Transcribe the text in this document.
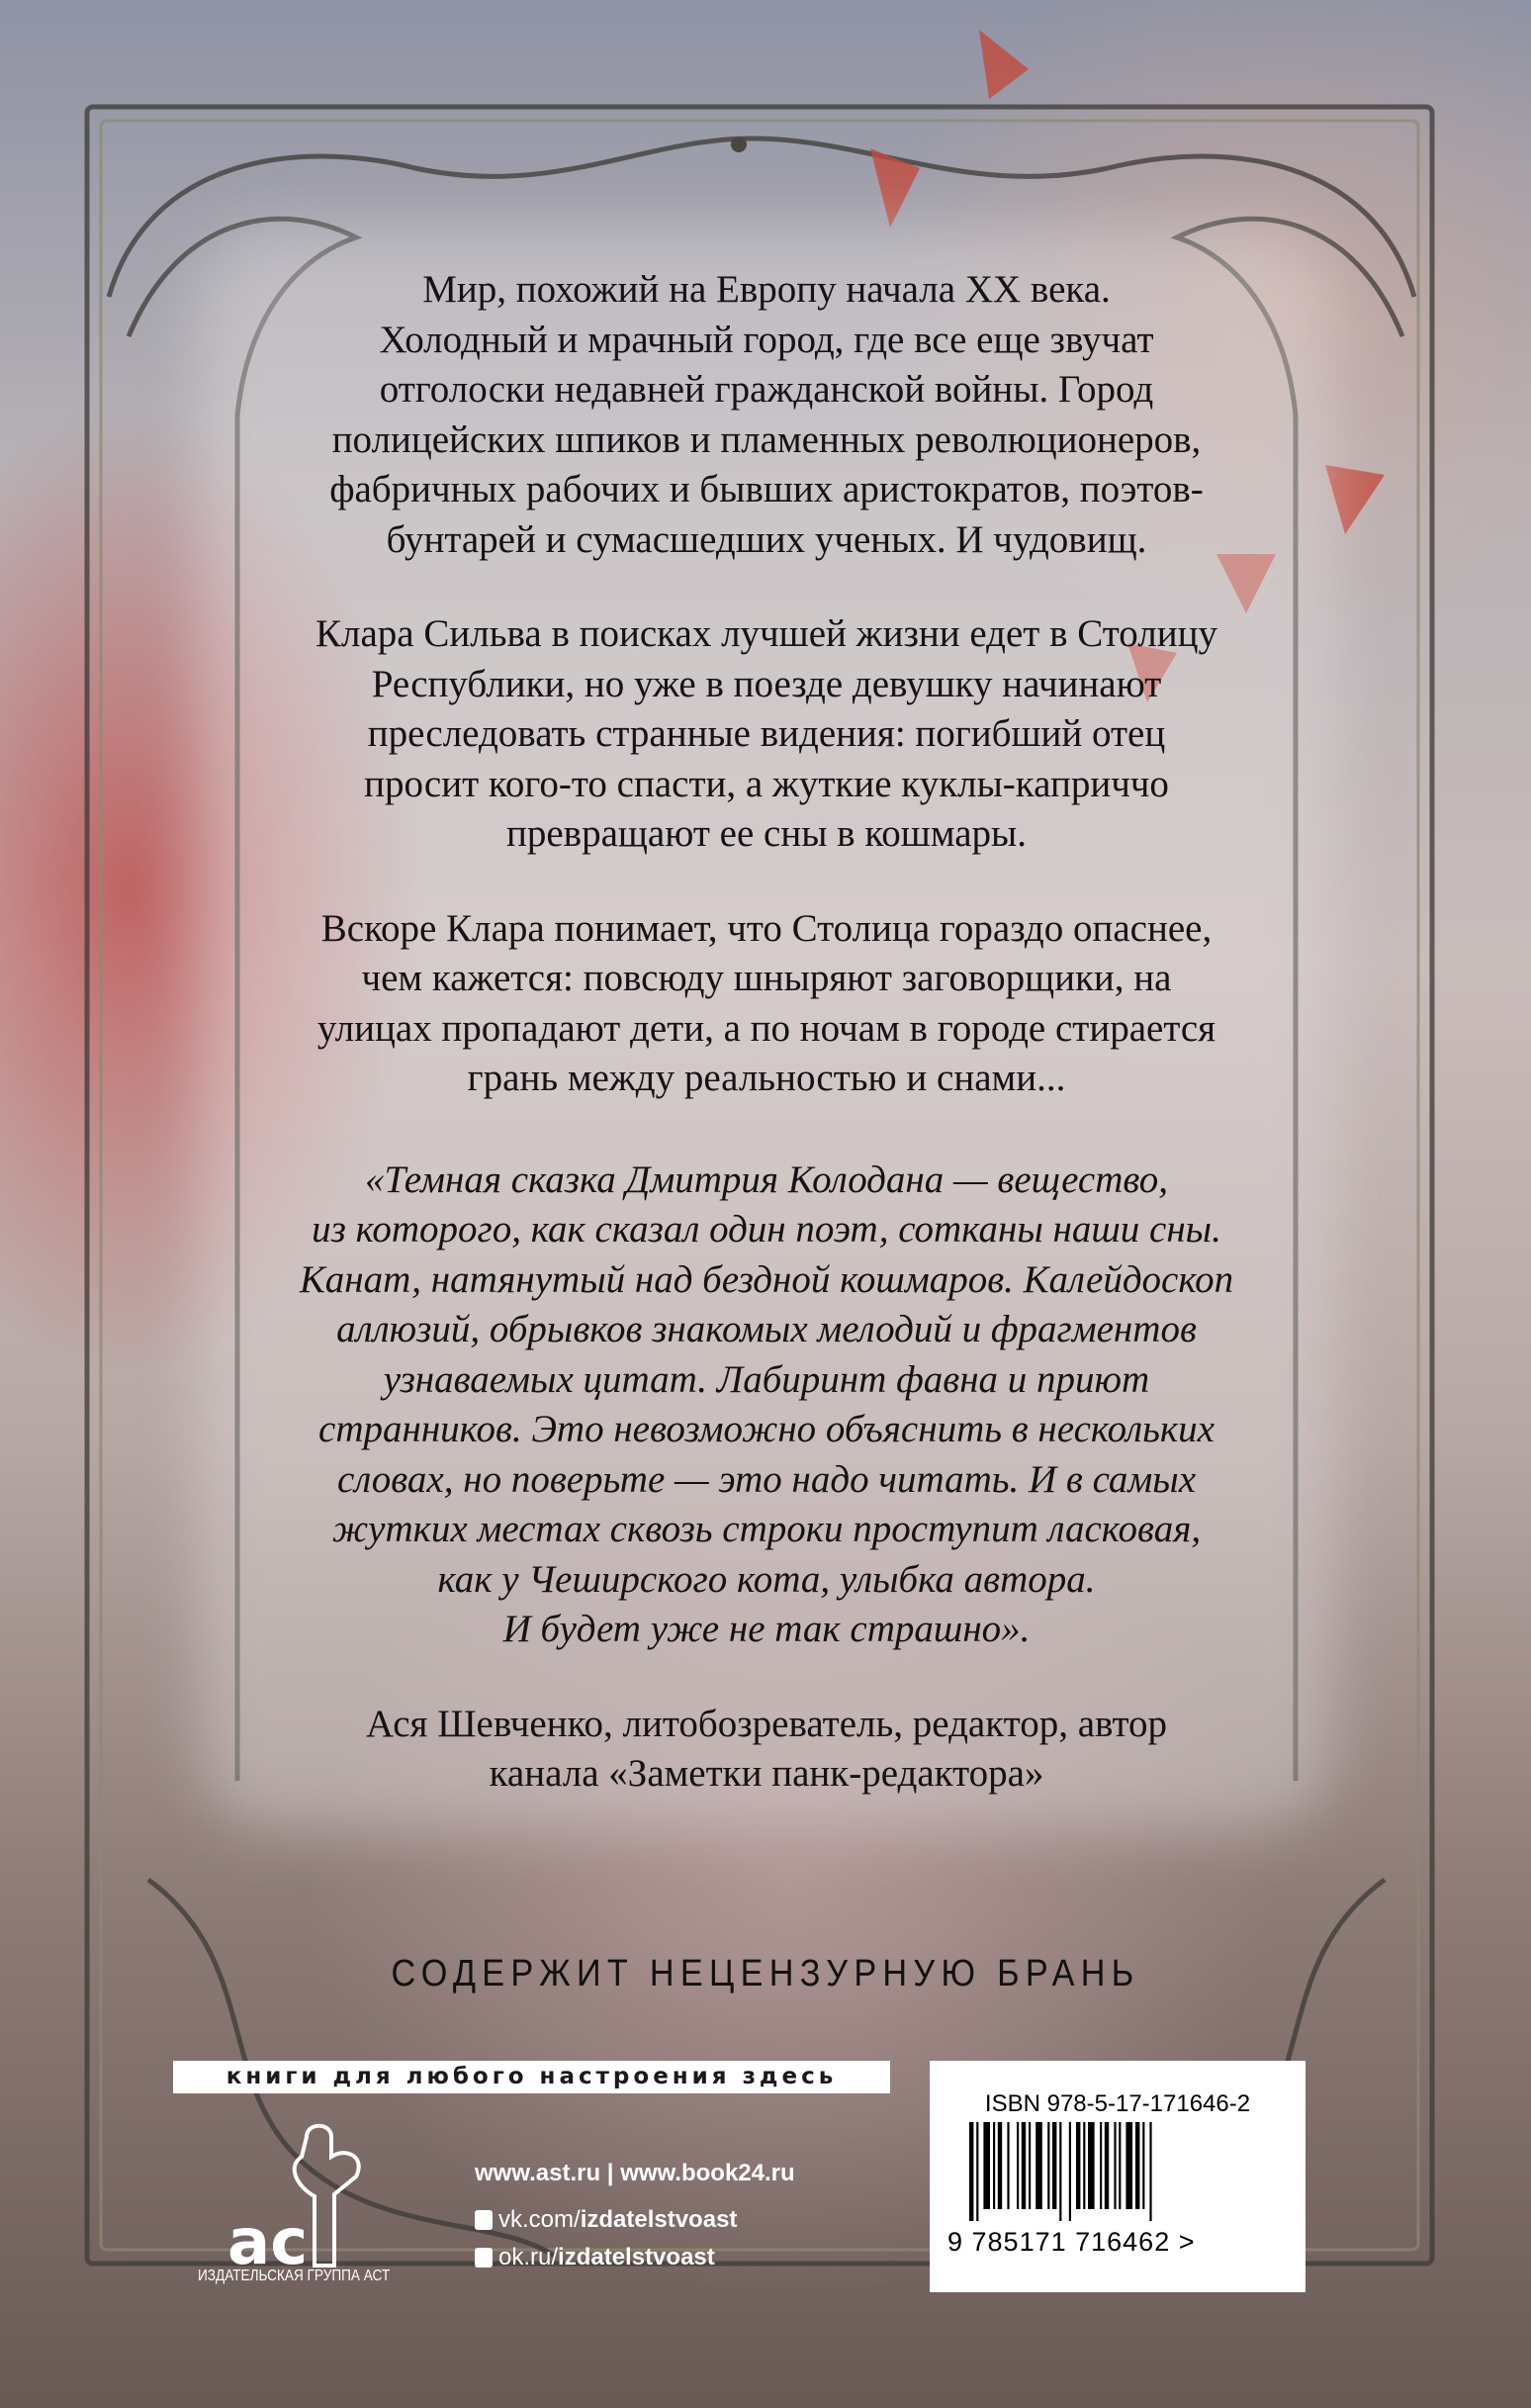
Мир, похожий на Европу начала XX века.

Холодный и мрачный город, где все еще звучат

отголоски недавней гражданской войны. Город

полицейских шпиков и пламенных революционеров,

фабричных рабочих и бывших аристократов, поэтов-

бунтарей и сумасшедших ученых. И чудовищ.

Клара Сильва в поисках лучшей жизни едет в Столицу

Республики, но уже в поезде девушку начинают

преследовать странные видения: погибший отец

просит кого-то спасти, а жуткие куклы-каприччо

превращают ее сны в кошмары.

Вскоре Клара понимает, что Столица гораздо опаснее,

чем кажется: повсюду шныряют заговорщики, на

улицах пропадают дети, а по ночам в городе стирается

грань между реальностью и снами...

«Темная сказка Дмитрия Колодана — вещество,

из которого, как сказал один поэт, сотканы наши сны.

Канат, натянутый над бездной кошмаров. Калейдоскоп

аллюзий, обрывков знакомых мелодий и фрагментов

узнаваемых цитат. Лабиринт фавна и приют

странников. Это невозможно объяснить в нескольких

словах, но поверьте — это надо читать. И в самых

жутких местах сквозь строки проступит ласковая,

как у Чеширского кота, улыбка автора.

И будет уже не так страшно».

Ася Шевченко, литобозреватель, редактор, автор

канала «Заметки панк-редактора»

СОДЕРЖИТ НЕЦЕНЗУРНУЮ БРАНЬ
книги для любого настроения здесь
ac
ИЗДАТЕЛЬСКАЯ ГРУППА АСТ
www.ast.ru | www.book24.ru
vk.com/izdatelstvoast
ok.ru/izdatelstvoast
ISBN 978-5-17-171646-2
9 785171 716462 >
